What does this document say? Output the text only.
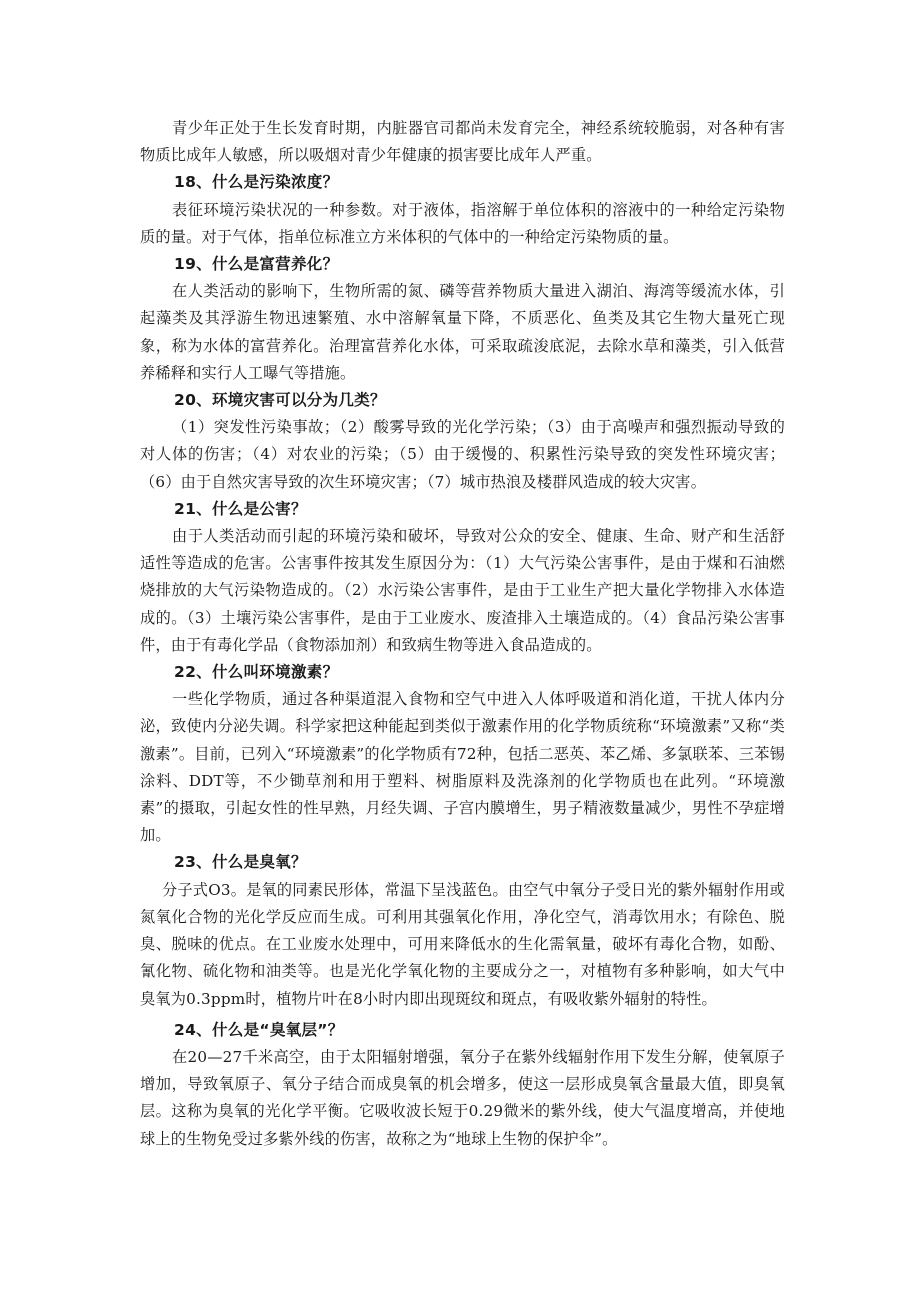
青少年正处于生长发育时期，内脏器官司都尚未发育完全，神经系统较脆弱，对各种有害物质比成年人敏感，所以吸烟对青少年健康的损害要比成年人严重。

18、什么是污染浓度？

表征环境污染状况的一种参数。对于液体，指溶解于单位体积的溶液中的一种给定污染物质的量。对于气体，指单位标准立方米体积的气体中的一种给定污染物质的量。

19、什么是富营养化？

在人类活动的影响下，生物所需的氮、磷等营养物质大量进入湖泊、海湾等缓流水体，引起藻类及其浮游生物迅速繁殖、水中溶解氧量下降，不质恶化、鱼类及其它生物大量死亡现象，称为水体的富营养化。治理富营养化水体，可采取疏浚底泥，去除水草和藻类，引入低营养稀释和实行人工曝气等措施。

20、环境灾害可以分为几类？

（1）突发性污染事故；（2）酸雾导致的光化学污染；（3）由于高噪声和强烈振动导致的对人体的伤害；（4）对农业的污染；（5）由于缓慢的、积累性污染导致的突发性环境灾害；（6）由于自然灾害导致的次生环境灾害；（7）城市热浪及楼群风造成的较大灾害。

21、什么是公害？

由于人类活动而引起的环境污染和破坏，导致对公众的安全、健康、生命、财产和生活舒适性等造成的危害。公害事件按其发生原因分为：（1）大气污染公害事件，是由于煤和石油燃烧排放的大气污染物造成的。（2）水污染公害事件，是由于工业生产把大量化学物排入水体造成的。（3）土壤污染公害事件，是由于工业废水、废渣排入土壤造成的。（4）食品污染公害事件，由于有毒化学品（食物添加剂）和致病生物等进入食品造成的。

22、什么叫环境激素？

一些化学物质，通过各种渠道混入食物和空气中进入人体呼吸道和消化道，干扰人体内分泌，致使内分泌失调。科学家把这种能起到类似于激素作用的化学物质统称“环境激素”又称“类激素”。目前，已列入“环境激素”的化学物质有72种，包括二恶英、苯乙烯、多氯联苯、三苯锡涂料、DDT等，不少锄草剂和用于塑料、树脂原料及洗涤剂的化学物质也在此列。“环境激素”的摄取，引起女性的性早熟，月经失调、子宫内膜增生，男子精液数量减少，男性不孕症增加。

23、什么是臭氧？

分子式O3。是氧的同素民形体，常温下呈浅蓝色。由空气中氧分子受日光的紫外辐射作用或氮氧化合物的光化学反应而生成。可利用其强氧化作用，净化空气，消毒饮用水；有除色、脱臭、脱味的优点。在工业废水处理中，可用来降低水的生化需氧量，破坏有毒化合物，如酚、氰化物、硫化物和油类等。也是光化学氧化物的主要成分之一，对植物有多种影响，如大气中臭氧为0.3ppm时，植物片叶在8小时内即出现斑纹和斑点，有吸收紫外辐射的特性。

24、什么是“臭氧层”？

在20—27千米高空，由于太阳辐射增强，氧分子在紫外线辐射作用下发生分解，使氧原子增加，导致氧原子、氧分子结合而成臭氧的机会增多，使这一层形成臭氧含量最大值，即臭氧层。这称为臭氧的光化学平衡。它吸收波长短于0.29微米的紫外线，使大气温度增高，并使地球上的生物免受过多紫外线的伤害，故称之为“地球上生物的保护伞”。
